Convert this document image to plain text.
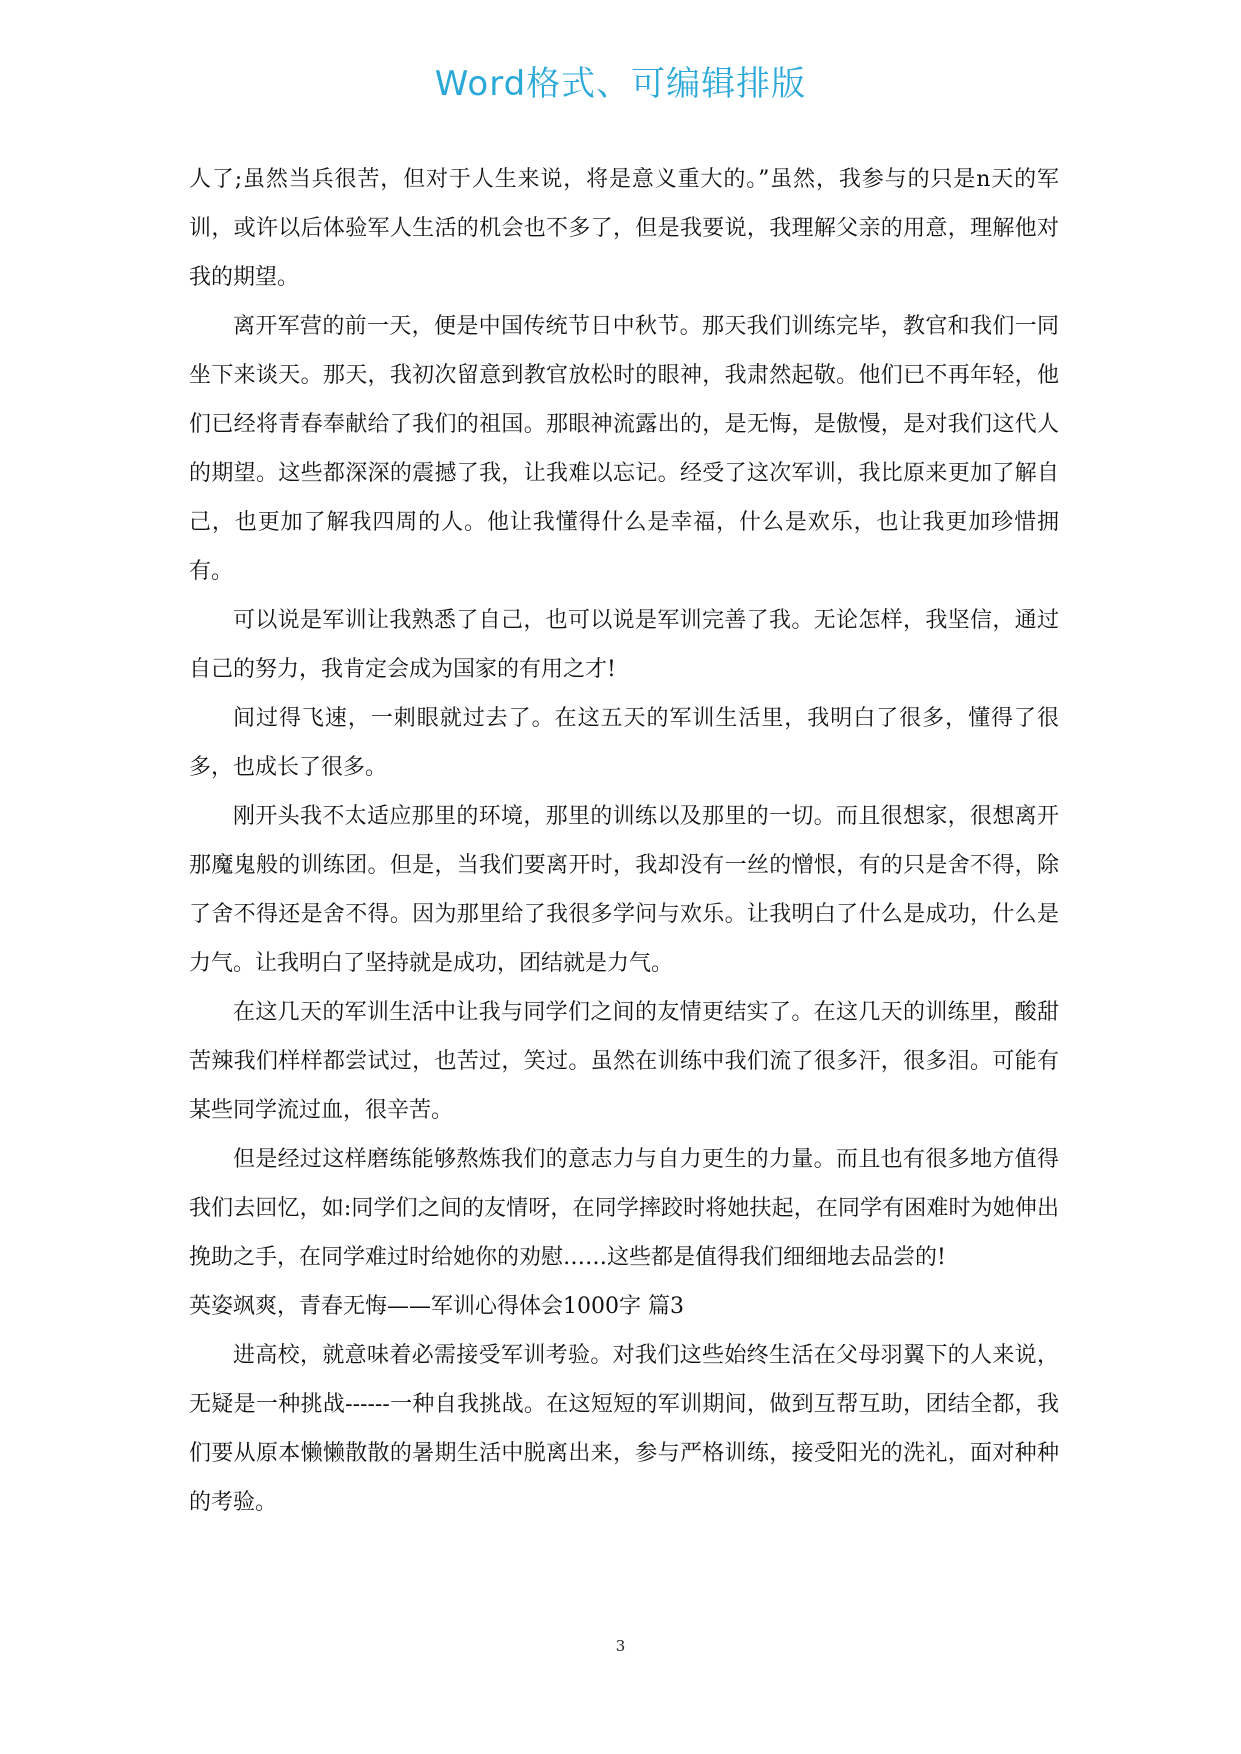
Word格式、可编辑排版

人了;虽然当兵很苦，但对于人生来说，将是意义重大的。”虽然，我参与的只是n天的军训，或许以后体验军人生活的机会也不多了，但是我要说，我理解父亲的用意，理解他对我的期望。

离开军营的前一天，便是中国传统节日中秋节。那天我们训练完毕，教官和我们一同坐下来谈天。那天，我初次留意到教官放松时的眼神，我肃然起敬。他们已不再年轻，他们已经将青春奉献给了我们的祖国。那眼神流露出的，是无悔，是傲慢，是对我们这代人的期望。这些都深深的震撼了我，让我难以忘记。经受了这次军训，我比原来更加了解自己，也更加了解我四周的人。他让我懂得什么是幸福，什么是欢乐，也让我更加珍惜拥有。

可以说是军训让我熟悉了自己，也可以说是军训完善了我。无论怎样，我坚信，通过自己的努力，我肯定会成为国家的有用之才!

间过得飞速，一刺眼就过去了。在这五天的军训生活里，我明白了很多，懂得了很多，也成长了很多。

刚开头我不太适应那里的环境，那里的训练以及那里的一切。而且很想家，很想离开那魔鬼般的训练团。但是，当我们要离开时，我却没有一丝的憎恨，有的只是舍不得，除了舍不得还是舍不得。因为那里给了我很多学问与欢乐。让我明白了什么是成功，什么是力气。让我明白了坚持就是成功，团结就是力气。

在这几天的军训生活中让我与同学们之间的友情更结实了。在这几天的训练里，酸甜苦辣我们样样都尝试过，也苦过，笑过。虽然在训练中我们流了很多汗，很多泪。可能有某些同学流过血，很辛苦。

但是经过这样磨练能够熬炼我们的意志力与自力更生的力量。而且也有很多地方值得我们去回忆，如:同学们之间的友情呀，在同学摔跤时将她扶起，在同学有困难时为她伸出挽助之手，在同学难过时给她你的劝慰……这些都是值得我们细细地去品尝的!

英姿飒爽，青春无悔——军训心得体会1000字 篇3

进高校，就意味着必需接受军训考验。对我们这些始终生活在父母羽翼下的人来说，无疑是一种挑战------一种自我挑战。在这短短的军训期间，做到互帮互助，团结全都，我们要从原本懒懒散散的暑期生活中脱离出来，参与严格训练，接受阳光的洗礼，面对种种的考验。

3
